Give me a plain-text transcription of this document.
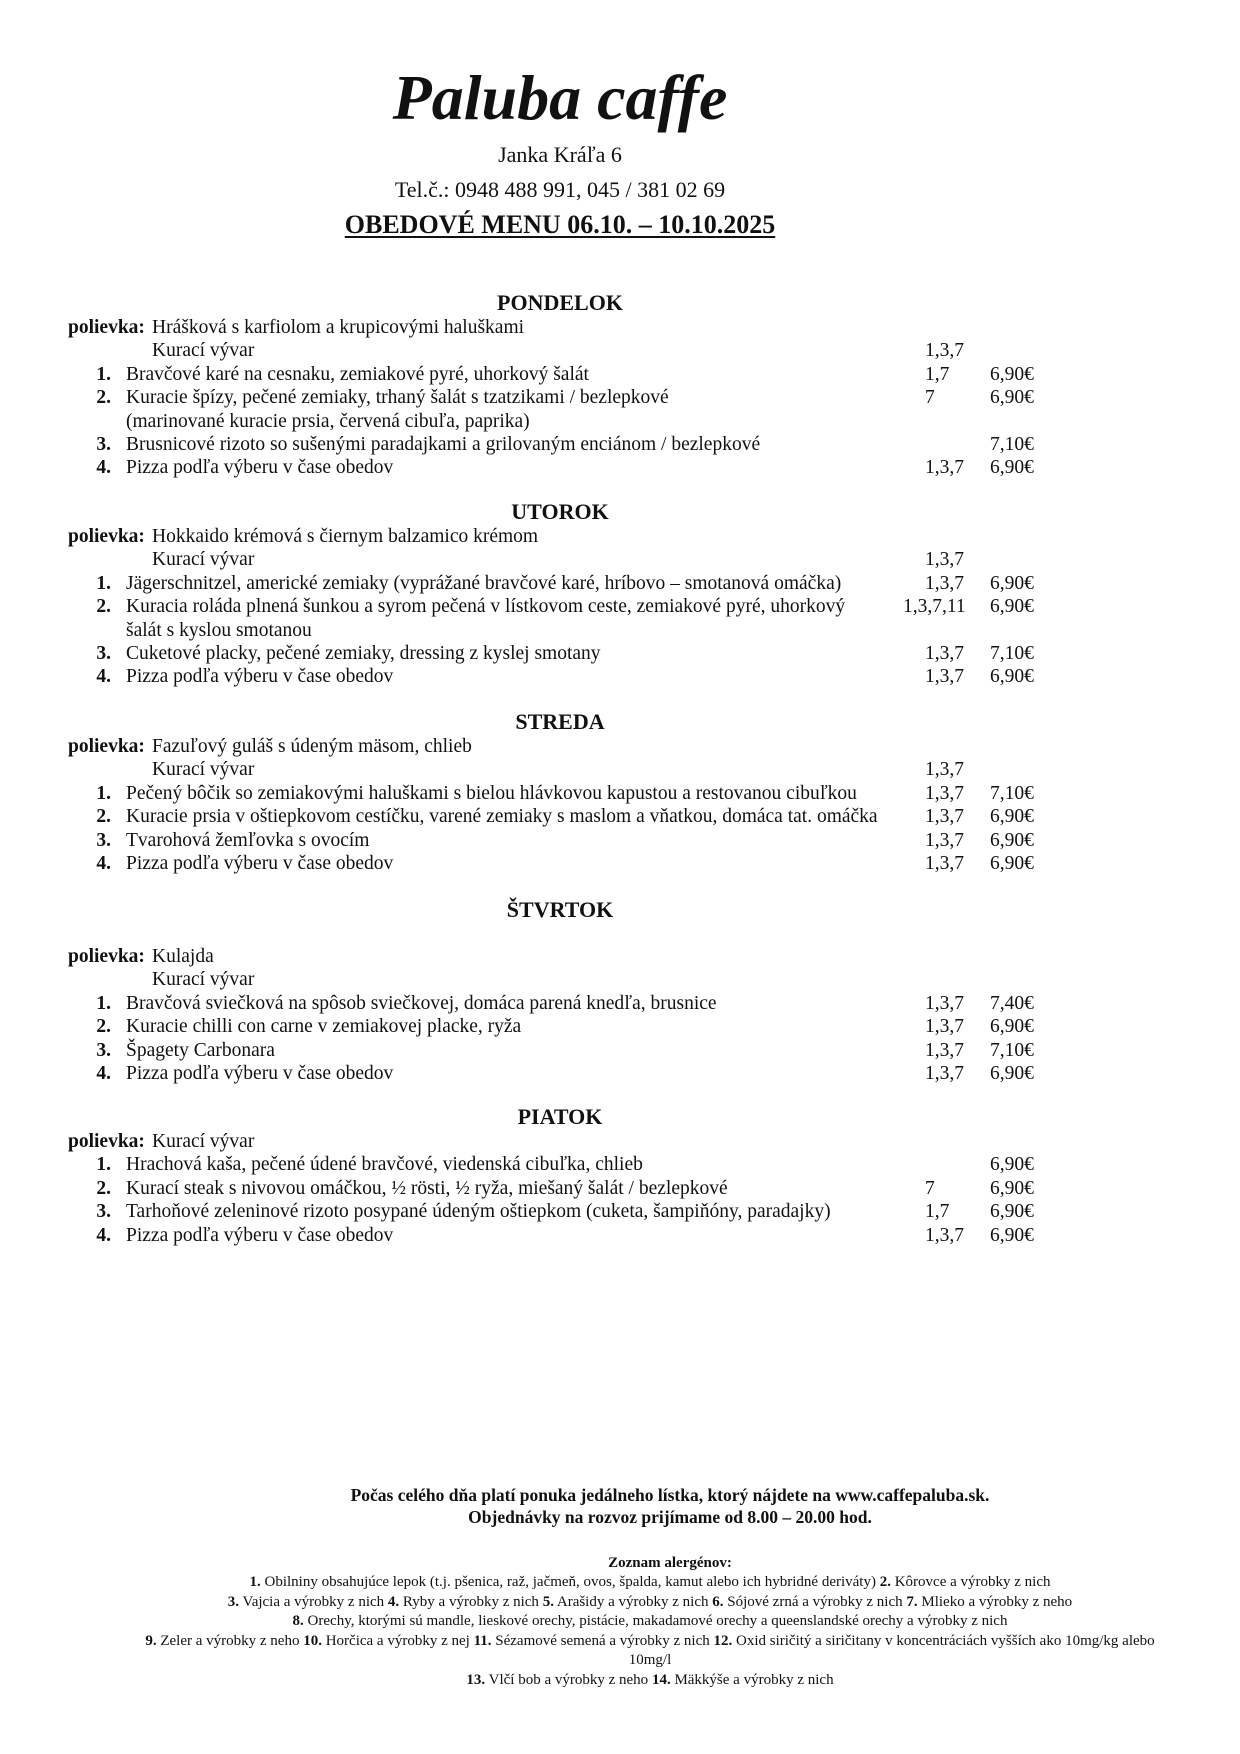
Paluba caffe
Janka Kráľa 6
Tel.č.: 0948 488 991, 045 / 381 02 69
OBEDOVÉ MENU 06.10. – 10.10.2025
PONDELOK
polievka: Hrášková s karfiolom a krupicovými haluškami
Kurací vývar	1,3,7
1. Bravčové karé na cesnaku, zemiakové pyré, uhorkový šalát	1,7 6,90€
2. Kuracie špízy, pečené zemiaky, trhaný šalát s tzatzikami / bezlepkové	7	6,90€
(marinované kuracie prsia, červená cibuľa, paprika)
3. Brusnicové rizoto so sušenými paradajkami a grilovaným enciánom / bezlepkové	7,10€
4. Pizza podľa výberu v čase obedov	1,3,7 6,90€
UTOROK
polievka: Hokkaido krémová s čiernym balzamico krémom
Kurací vývar	1,3,7
1. Jägerschnitzel, americké zemiaky (vyprážané bravčové karé, hríbovo – smotanová omáčka)	1,3,7 6,90€
2. Kuracia roláda plnená šunkou a syrom pečená v lístkovom ceste, zemiakové pyré, uhorkový	1,3,7,11 6,90€
šalát s kyslou smotanou
3. Cuketové placky, pečené zemiaky, dressing z kyslej smotany	1,3,7 7,10€
4. Pizza podľa výberu v čase obedov	1,3,7 6,90€
STREDA
polievka: Fazuľový guláš s údeným mäsom, chlieb
Kurací vývar	1,3,7
1. Pečený bôčik so zemiakovými haluškami s bielou hlávkovou kapustou a restovanou cibuľkou	1,3,7 7,10€
2. Kuracie prsia v oštiepkovom cestíčku, varené zemiaky s maslom a vňatkou, domáca tat. omáčka 1,3,7 6,90€
3. Tvarohová žemľovka s ovocím	1,3,7 6,90€
4. Pizza podľa výberu v čase obedov	1,3,7 6,90€
ŠTVRTOK
polievka: Kulajda
Kurací vývar
1. Bravčová sviečková na spôsob sviečkovej, domáca parená knedľa, brusnice	1,3,7 7,40€
2. Kuracie chilli con carne v zemiakovej placke, ryža	1,3,7 6,90€
3. Špagety Carbonara	1,3,7 7,10€
4. Pizza podľa výberu v čase obedov	1,3,7 6,90€
PIATOK
polievka: Kurací vývar
1. Hrachová kaša, pečené údené bravčové, viedenská cibuľka, chlieb	6,90€
2. Kurací steak s nivovou omáčkou, ½ rösti, ½ ryža, miešaný šalát / bezlepkové	7	6,90€
3. Tarhoňové zeleninové rizoto posypané údeným oštiepkom (cuketa, šampiňóny, paradajky)	1,7 6,90€
4. Pizza podľa výberu v čase obedov	1,3,7 6,90€
Počas celého dňa platí ponuka jedálneho lístka, ktorý nájdete na www.caffepaluba.sk.
Objednávky na rozvoz prijímame od 8.00 – 20.00 hod.
Zoznam alergénov:
1. Obilniny obsahujúce lepok (t.j. pšenica, raž, jačmeň, ovos, špalda, kamut alebo ich hybridné deriváty) 2. Kôrovce a výrobky z nich
3. Vajcia a výrobky z nich 4. Ryby a výrobky z nich 5. Arašidy a výrobky z nich 6. Sójové zrná a výrobky z nich 7. Mlieko a výrobky z neho
8. Orechy, ktorými sú mandle, lieskové orechy, pistácie, makadamové orechy a queenslandské orechy a výrobky z nich
9. Zeler a výrobky z neho 10. Horčica a výrobky z nej 11. Sézamové semená a výrobky z nich 12. Oxid siričitý a siričitany v koncentráciách vyšších ako 10mg/kg alebo 10mg/l
13. Vlčí bob a výrobky z neho 14. Mäkkýše a výrobky z nich
